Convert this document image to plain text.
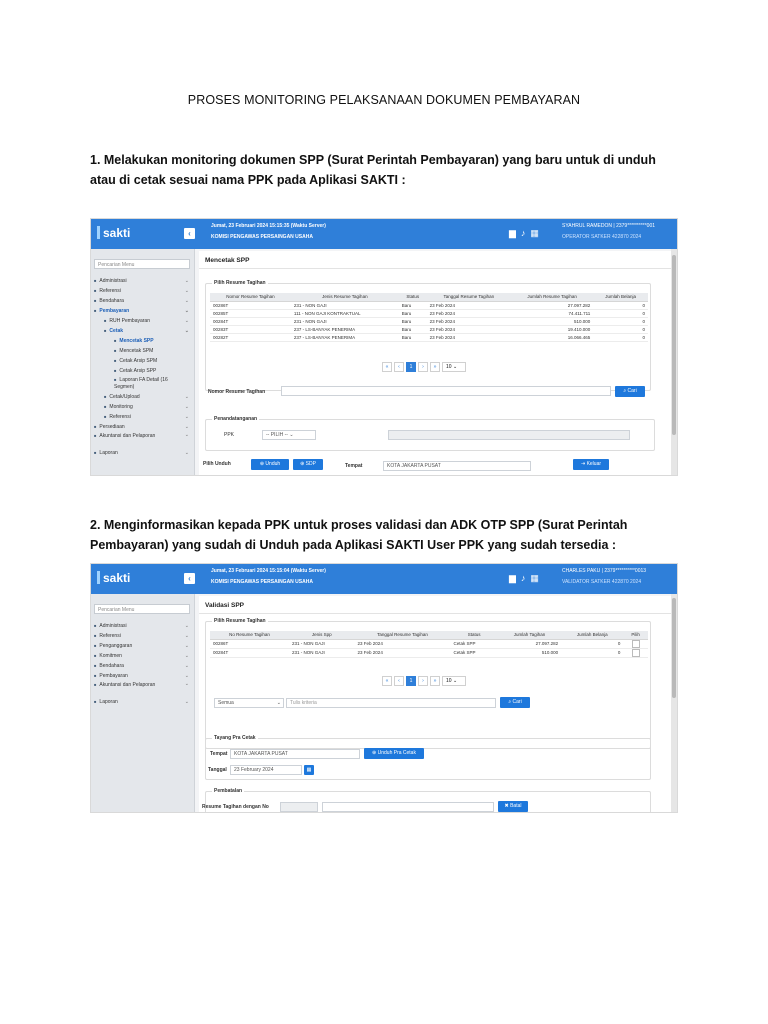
PROSES MONITORING PELAKSANAAN DOKUMEN PEMBAYARAN
1. Melakukan monitoring dokumen SPP (Surat Perintah Pembayaran) yang baru untuk di unduh atau di cetak sesuai nama PPK pada Aplikasi SAKTI :
sakti	‹
Jumat, 23 Februari 2024 15:15:35 (Waktu Server)
KOMISI PENGAWAS PERSAINGAN USAHA	▆♪▦
SYAHRUL RAMEDON | 2379**********001
OPERATOR SATKER 422870 2024
Pencarian Menu
■ Administrasi	⌄
■ Referensi	⌄
■ Bendahara	⌄
■ Pembayaran	⌄
■ RUH Pembayaran	⌄
■ Cetak	⌄
■ Mencetak SPP
■ Mencetak SPM
■ Cetak Arsip SPM
■ Cetak Arsip SPP
■ Laporan FA Detail (16 Segmen)
■ Cetak/Upload	⌄
■ Monitoring	⌄
■ Referensi	⌄
■ Persediaan	⌄
■ Akuntansi dan Pelaporan	⌄
■ Laporan	⌄
Mencetak SPP
Pilih Resume Tagihan
Nomor Resume Tagihan	Jenis Resume Tagihan	Status	Tanggal Resume Tagihan	Jumlah Resume Tagihan	Jumlah Belanja
00286T	231 - NON GAJI	Baru	23 Feb 2024	27.097.282	0
00285T	111 - NON GAJI KONTRAKTUAL	Baru	23 Feb 2024	74.411.711	0
00284T	231 - NON GAJI	Baru	23 Feb 2024	510.000	0
00283T	237 - LS-BANYAK PENERIMA	Baru	23 Feb 2024	19.410.000	0
00282T	237 - LS-BANYAK PENERIMA	Baru	23 Feb 2024	16.066.465	0
«	‹	1	›	»	10 ⌄
Nomor Resume Tagihan	⌕ Cari
Penandatanganan
PPK	-- PILIH -- ⌄
Pilih Unduh	⊕ Unduh	⊕ SDP	Tempat	KOTA JAKARTA PUSAT	⇥ Keluar
2. Menginformasikan kepada PPK untuk proses validasi dan ADK OTP SPP (Surat Perintah Pembayaran) yang sudah di Unduh pada Aplikasi SAKTI User PPK yang sudah tersedia :
sakti	‹
Jumat, 23 Februari 2024 15:15:04 (Waktu Server)
KOMISI PENGAWAS PERSAINGAN USAHA	▆♪▦
CHARLES PAKU | 2379**********0013
VALIDATOR SATKER 422870 2024
Pencarian Menu
■ Administrasi	⌄
■ Referensi	⌄
■ Penganggaran	⌄
■ Komitmen	⌄
■ Bendahara	⌄
■ Pembayaran	⌄
■ Akuntansi dan Pelaporan	⌄
■ Laporan	⌄
Validasi SPP
Pilih Resume Tagihan
No Resume Tagihan	Jenis Spp	Tanggal Resume Tagihan	Status	Jumlah Tagihan	Jumlah Belanja	Pilih
00286T	231 - NON GAJI	23 Feb 2024	Cetak SPP	27.097.282	0	
00284T	231 - NON GAJI	23 Feb 2024	Cetak SPP	510.000	0	
«	‹	1	›	»	10 ⌄
Semua	⌄	Tulis kriteria	⌕ Cari
Tayang Pra Cetak
Tempat	KOTA JAKARTA PUSAT	⊕ Unduh Pra Cetak
Tanggal	23 February 2024	▦
Pembatalan
Resume Tagihan dengan No	✖ Batal
